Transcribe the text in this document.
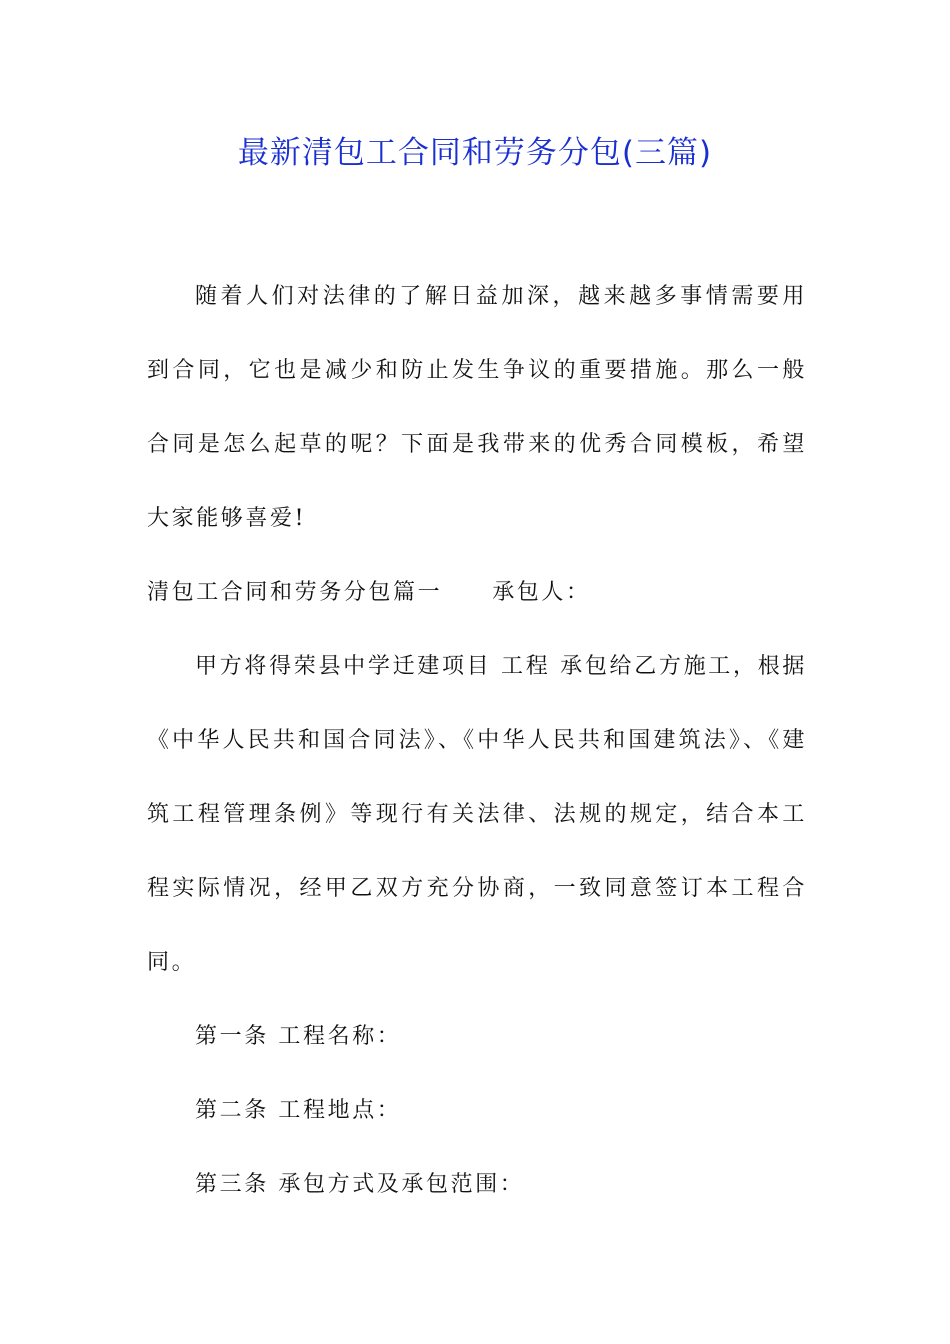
最新清包工合同和劳务分包(三篇)

随着人们对法律的了解日益加深，越来越多事情需要用到合同，它也是减少和防止发生争议的重要措施。那么一般合同是怎么起草的呢？下面是我带来的优秀合同模板，希望大家能够喜爱!

清包工合同和劳务分包篇一 承包人：

甲方将得荣县中学迁建项目 工程 承包给乙方施工，根据《中华人民共和国合同法》、《中华人民共和国建筑法》、《建筑工程管理条例》等现行有关法律、法规的规定，结合本工程实际情况，经甲乙双方充分协商，一致同意签订本工程合同。

第一条 工程名称：

第二条 工程地点：

第三条 承包方式及承包范围：
